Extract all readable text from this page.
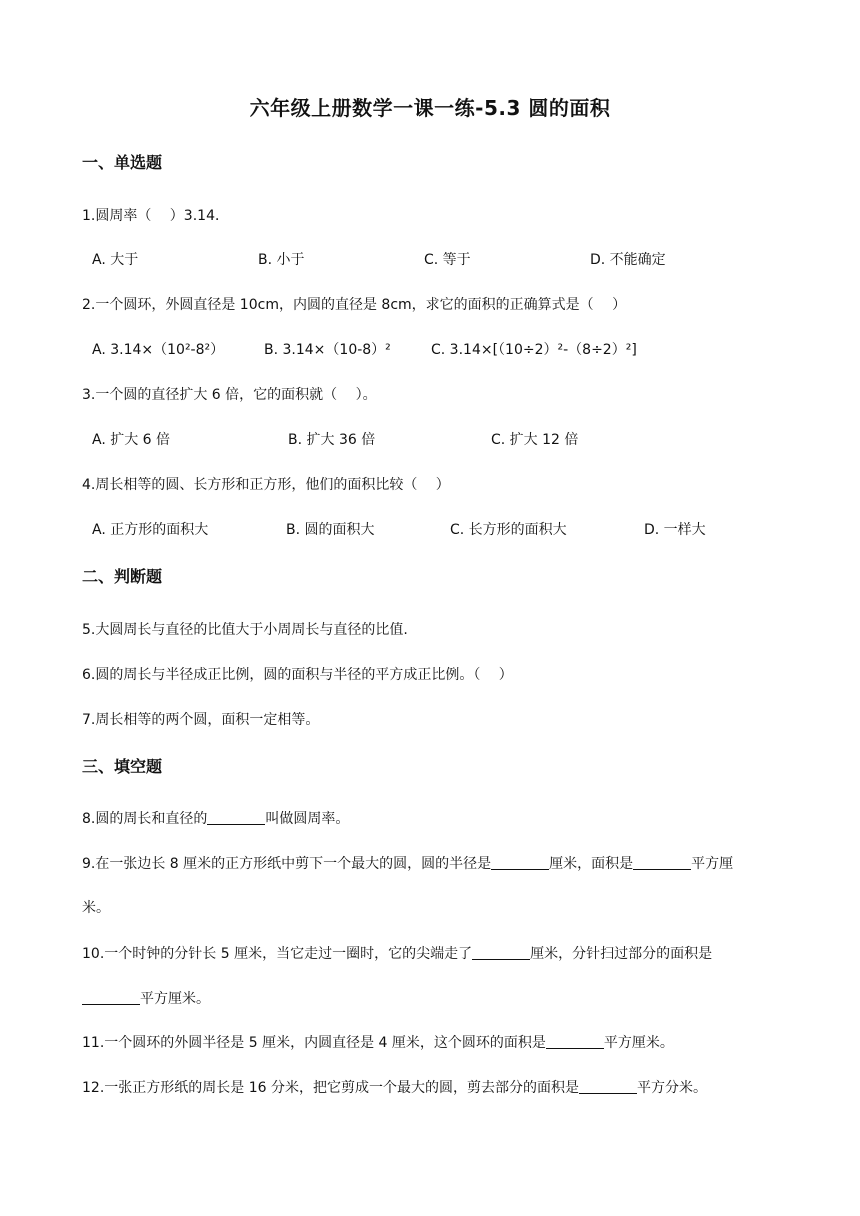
六年级上册数学一课一练-5.3 圆的面积
一、单选题
1.圆周率（　 ）3.14．
A. 大于	B. 小于	C. 等于	D. 不能确定
2.一个圆环，外圆直径是 10cm，内圆的直径是 8cm，求它的面积的正确算式是（　 ）
A. 3.14×（10²-8²）	B. 3.14×（10-8）²	C. 3.14×[（10÷2）²-（8÷2）²]
3.一个圆的直径扩大 6 倍，它的面积就（　 ）。
A. 扩大 6 倍	B. 扩大 36 倍	C. 扩大 12 倍
4.周长相等的圆、长方形和正方形，他们的面积比较（　 ）
A. 正方形的面积大	B. 圆的面积大	C. 长方形的面积大	D. 一样大
二、判断题
5.大圆周长与直径的比值大于小周周长与直径的比值.
6.圆的周长与半径成正比例，圆的面积与半径的平方成正比例。（　 ）
7.周长相等的两个圆，面积一定相等。
三、填空题
8.圆的周长和直径的	叫做圆周率。
9.在一张边长 8 厘米的正方形纸中剪下一个最大的圆，圆的半径是	厘米，面积是	平方厘
米。
10.一个时钟的分针长 5 厘米，当它走过一圈时，它的尖端走了	厘米，分针扫过部分的面积是
平方厘米。
11.一个圆环的外圆半径是 5 厘米，内圆直径是 4 厘米，这个圆环的面积是	平方厘米。
12.一张正方形纸的周长是 16 分米，把它剪成一个最大的圆，剪去部分的面积是	平方分米。
